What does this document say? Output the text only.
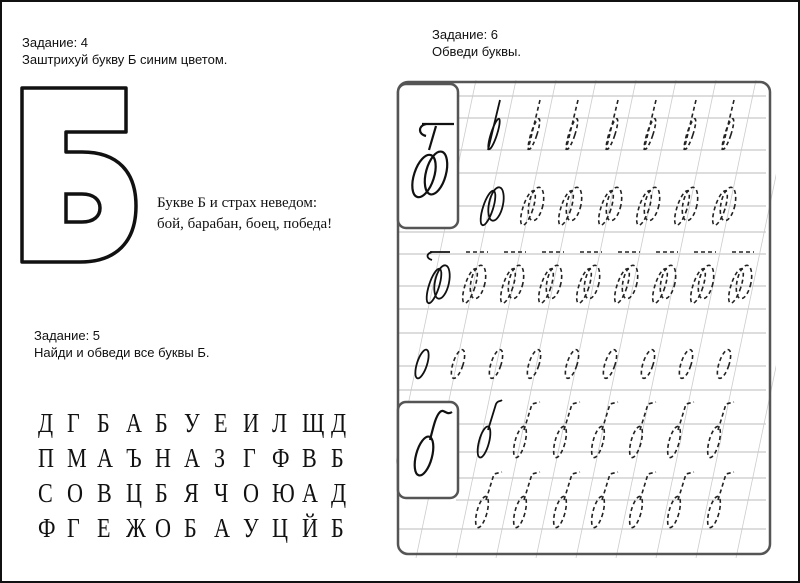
Задание: 4
Заштрихуй букву Б синим цветом.
Букве Б и страх неведом:
бой, барабан, боец, победа!
Задание: 5
Найди и обведи все буквы Б.
Д Г Б А Б У Е И Л Щ Д
П М А Ъ Н А З Г Ф В Б
С О В Ц Б Я Ч О Ю А Д
Ф Г Е Ж О Б А У Ц Й Б
Задание: 6
Обведи буквы.
